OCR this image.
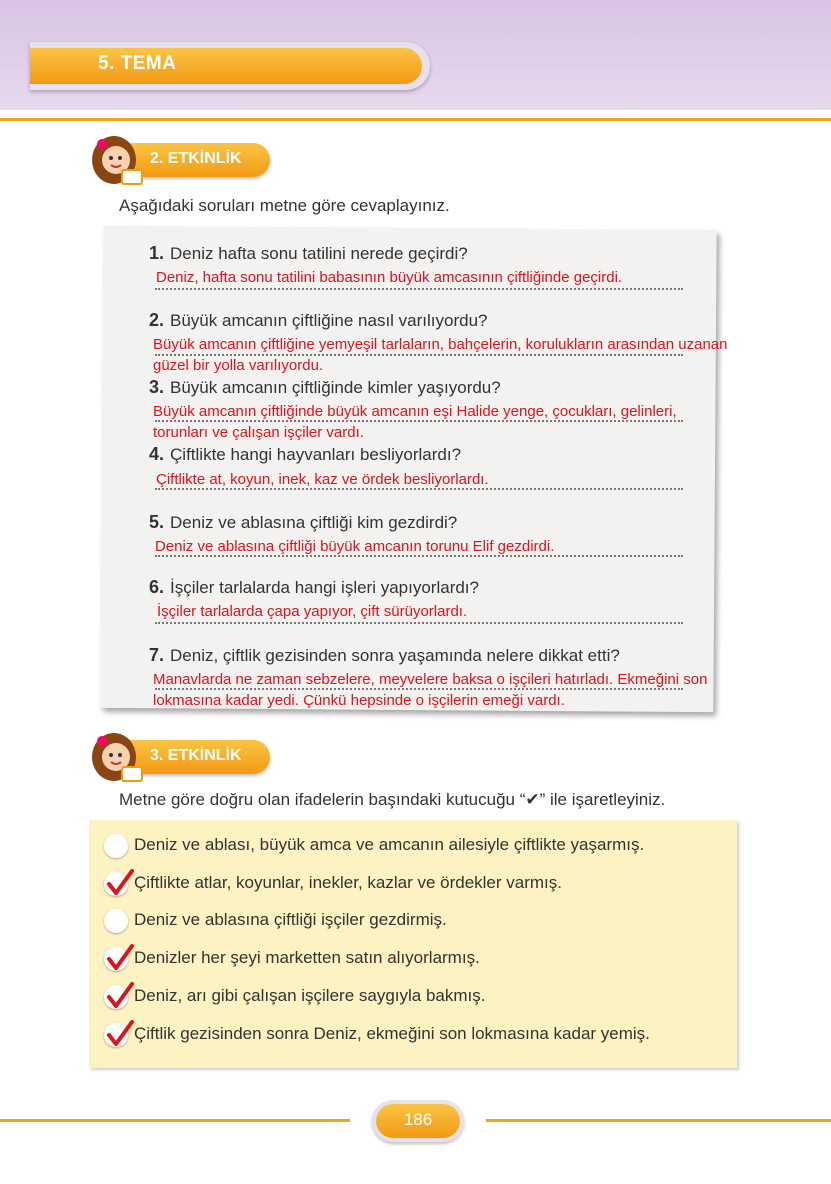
5. TEMA
2. ETKİNLİK
Aşağıdaki soruları metne göre cevaplayınız.
1. Deniz hafta sonu tatilini nerede geçirdi?
Deniz, hafta sonu tatilini babasının büyük amcasının çiftliğinde geçirdi.
2. Büyük amcanın çiftliğine nasıl varılıyordu?
Büyük amcanın çiftliğine yemyeşil tarlaların, bahçelerin, korulukların arasından uzanan
güzel bir yolla varılıyordu.
3. Büyük amcanın çiftliğinde kimler yaşıyordu?
Büyük amcanın çiftliğinde büyük amcanın eşi Halide yenge, çocukları, gelinleri,
torunları ve çalışan işçiler vardı.
4. Çiftlikte hangi hayvanları besliyorlardı?
Çiftlikte at, koyun, inek, kaz ve ördek besliyorlardı.
5. Deniz ve ablasına çiftliği kim gezdirdi?
Deniz ve ablasına çiftliği büyük amcanın torunu Elif gezdirdi.
6. İşçiler tarlalarda hangi işleri yapıyorlardı?
İşçiler tarlalarda çapa yapıyor, çift sürüyorlardı.
7. Deniz, çiftlik gezisinden sonra yaşamında nelere dikkat etti?
Manavlarda ne zaman sebzelere, meyvelere baksa o işçileri hatırladı. Ekmeğini son
lokmasına kadar yedi. Çünkü hepsinde o işçilerin emeği vardı.
3. ETKİNLİK
Metne göre doğru olan ifadelerin başındaki kutucuğu “✔” ile işaretleyiniz.
Deniz ve ablası, büyük amca ve amcanın ailesiyle çiftlikte yaşarmış.
Çiftlikte atlar, koyunlar, inekler, kazlar ve ördekler varmış.
Deniz ve ablasına çiftliği işçiler gezdirmiş.
Denizler her şeyi marketten satın alıyorlarmış.
Deniz, arı gibi çalışan işçilere saygıyla bakmış.
Çiftlik gezisinden sonra Deniz, ekmeğini son lokmasına kadar yemiş.
186
